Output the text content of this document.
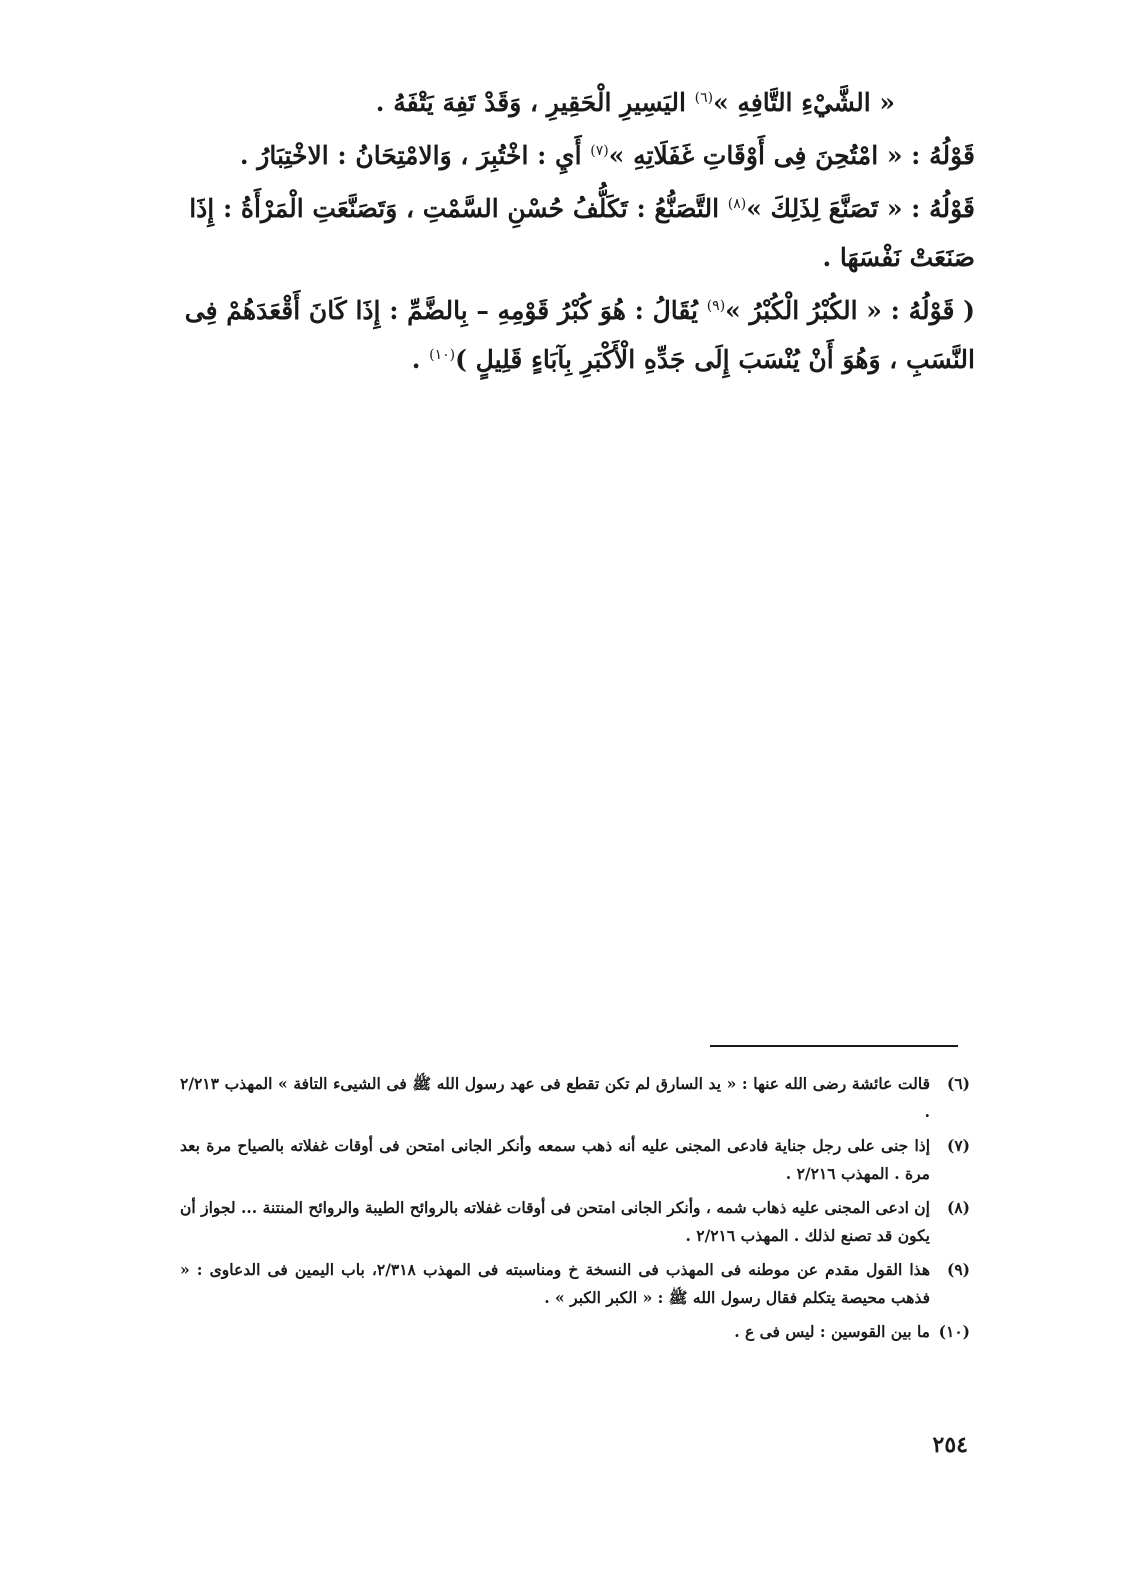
« الشَّيْءِ التَّافِهِ »$^{(٦)}$ اليَسِيرِ الْحَقِيرِ ، وَقَدْ تَفِهَ يَتْفَهُ .

قَوْلُهُ : « امْتُحِنَ فِى أَوْقَاتِ غَفَلَاتِهِ »$^{(٧)}$ أَيِ : اخْتُبِرَ ، وَالامْتِحَانُ : الاخْتِبَارُ .

قَوْلُهُ : « تَصَنَّعَ لِذَلِكَ »$^{(٨)}$ التَّصَنُّعُ : تَكَلُّفُ حُسْنِ السَّمْتِ ، وَتَصَنَّعَتِ الْمَرْأَةُ : إِذَا صَنَعَتْ نَفْسَهَا .

( قَوْلُهُ : « الكُبْرُ الْكُبْرُ »$^{(٩)}$ يُقَالُ : هُوَ كُبْرُ قَوْمِهِ – بِالضَّمِّ : إِذَا كَانَ أَقْعَدَهُمْ فِى النَّسَبِ ، وَهُوَ أَنْ يُنْسَبَ إِلَى جَدِّهِ الْأَكْبَرِ بِآبَاءٍ قَلِيلٍ )$^{(١٠)}$ .

(٦)
قالت عائشة رضى الله عنها : « يد السارق لم تكن تقطع فى عهد رسول الله ﷺ فى الشيىء التافة » المهذب ٢/٢١٣ .
(٧)
إذا جنى على رجل جناية فادعى المجنى عليه أنه ذهب سمعه وأنكر الجانى امتحن فى أوقات غفلاته بالصياح مرة بعد مرة . المهذب ٢/٢١٦ .
(٨)
إن ادعى المجنى عليه ذهاب شمه ، وأنكر الجانى امتحن فى أوقات غفلاته بالروائح الطيبة والروائح المنتنة ... لجواز أن يكون قد تصنع لذلك . المهذب ٢/٢١٦ .
(٩)
هذا القول مقدم عن موطنه فى المهذب فى النسخة خ ومناسبته فى المهذب ٢/٣١٨، باب اليمين فى الدعاوى : « فذهب محيصة يتكلم فقال رسول الله ﷺ : « الكبر الكبر » .
(١٠)
ما بين القوسين : ليس فى ع .
٢٥٤
